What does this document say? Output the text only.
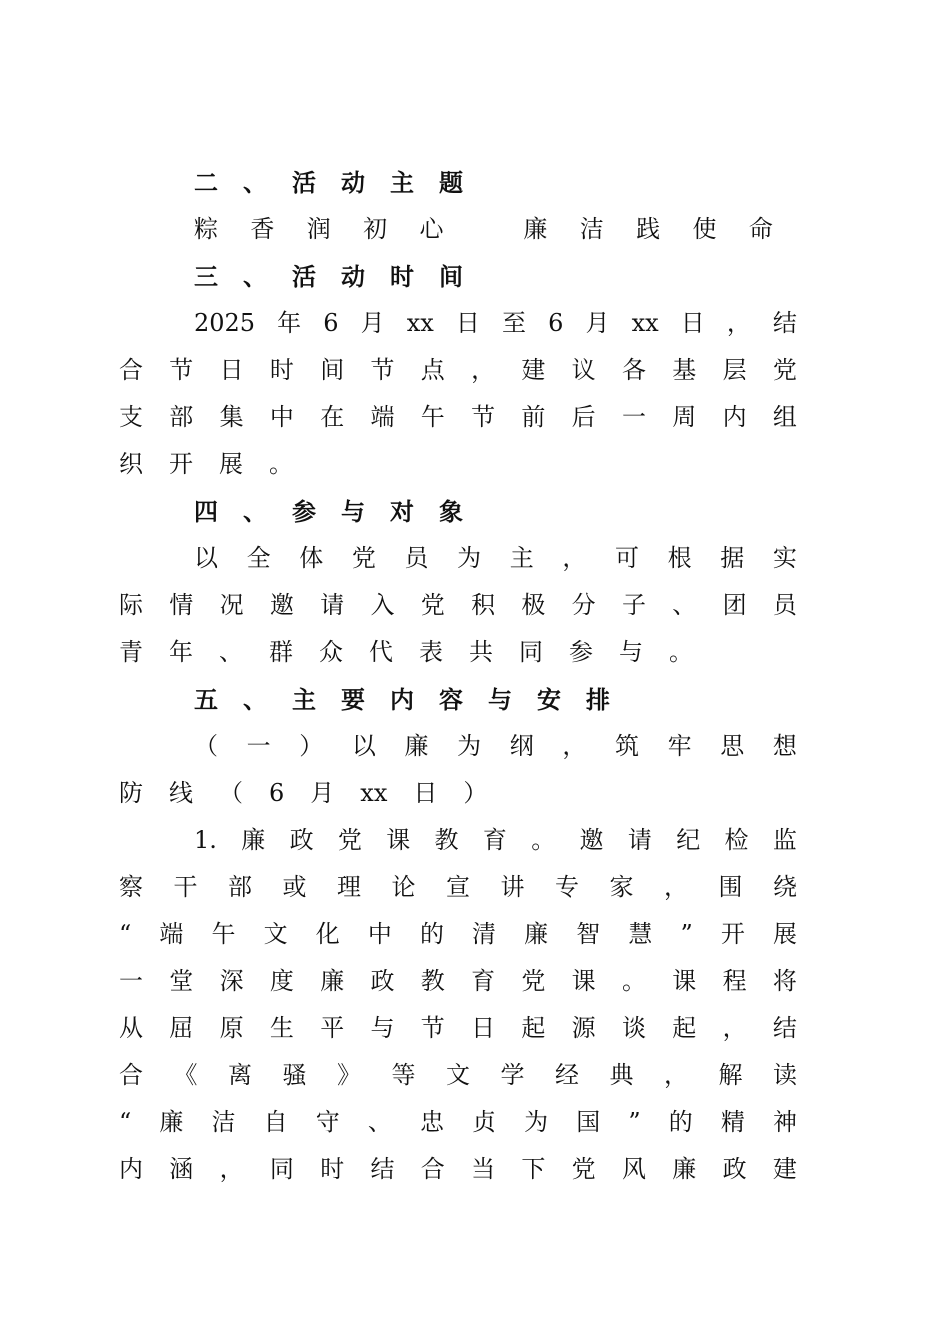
二 、 活 动 主 题
粽 香 润 初 心
	廉 洁 践 使 命
三 、 活 动 时 间
2025 年 6 月 xx 日 至 6 月 xx 日 ， 结
合 节 日 时 间 节 点 ， 建 议 各 基 层 党
支 部 集 中 在 端 午 节 前 后 一 周 内 组
织 开 展 。
四 、 参 与 对 象
以 全 体 党 员 为 主 ， 可 根 据 实
际 情 况 邀 请 入 党 积 极 分 子 、 团 员
青 年 、 群 众 代 表 共 同 参 与 。
五 、 主 要 内 容 与 安 排
（ 一 ） 以 廉 为 纲 ， 筑 牢 思 想
防 线 （ 6 月 xx 日 ）
1. 廉 政 党 课 教 育 。 邀 请 纪 检 监
察 干 部 或 理 论 宣 讲 专 家 ， 围 绕
“ 端 午 文 化 中 的 清 廉 智 慧 ” 开 展
一 堂 深 度 廉 政 教 育 党 课 。 课 程 将
从 屈 原 生 平 与 节 日 起 源 谈 起 ， 结
合 《 离 骚 》 等 文 学 经 典 ， 解 读
“ 廉 洁 自 守 、 忠 贞 为 国 ” 的 精 神
内 涵 ， 同 时 结 合 当 下 党 风 廉 政 建
